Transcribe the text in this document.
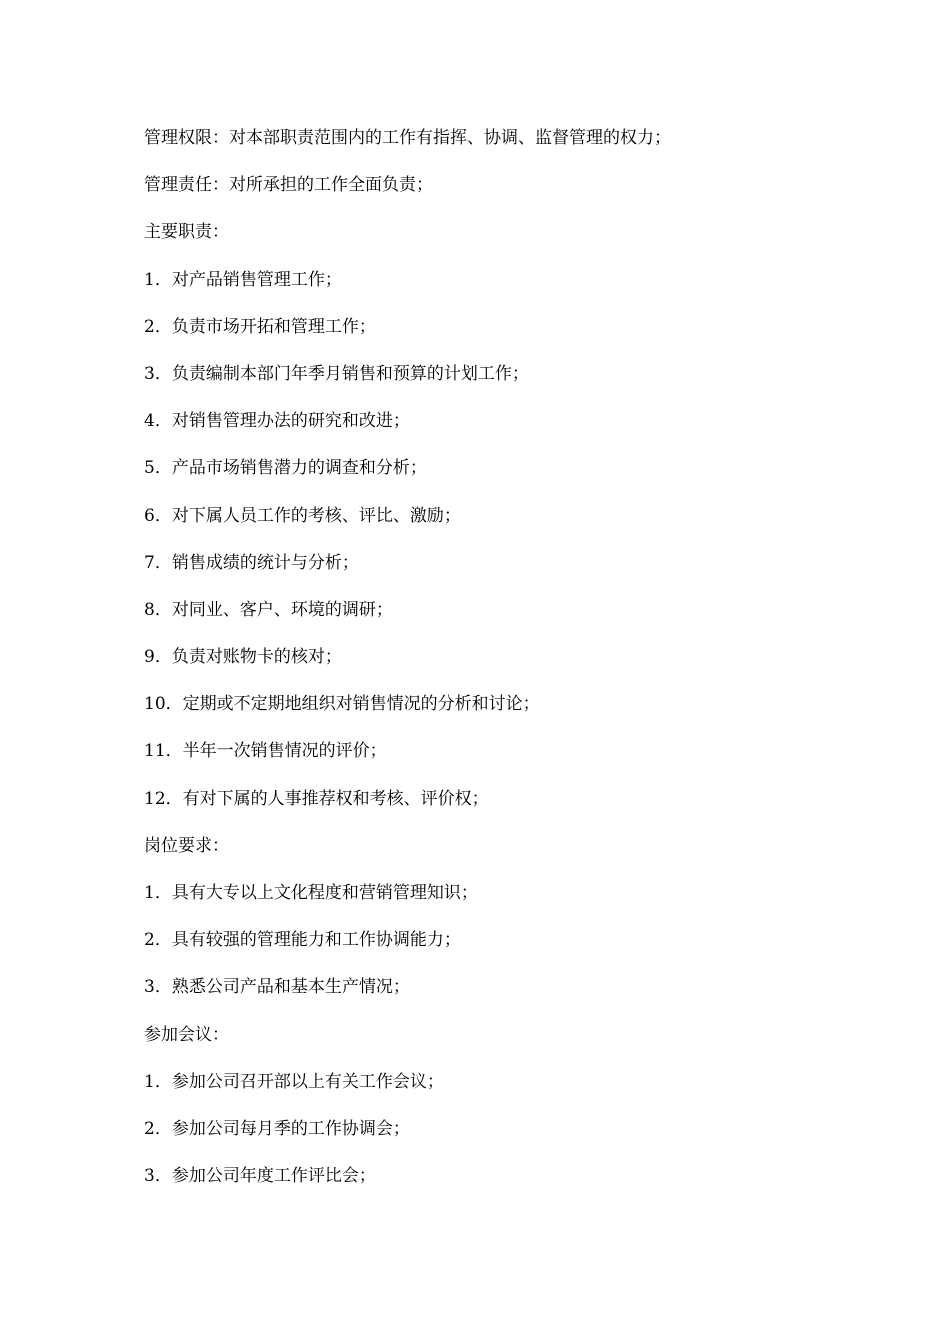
管理权限：对本部职责范围内的工作有指挥、协调、监督管理的权力；
管理责任：对所承担的工作全面负责；
主要职责：
1．对产品销售管理工作；
2．负责市场开拓和管理工作；
3．负责编制本部门年季月销售和预算的计划工作；
4．对销售管理办法的研究和改进；
5．产品市场销售潜力的调查和分析；
6．对下属人员工作的考核、评比、激励；
7．销售成绩的统计与分析；
8．对同业、客户、环境的调研；
9．负责对账物卡的核对；
10．定期或不定期地组织对销售情况的分析和讨论；
11．半年一次销售情况的评价；
12．有对下属的人事推荐权和考核、评价权；
岗位要求：
1．具有大专以上文化程度和营销管理知识；
2．具有较强的管理能力和工作协调能力；
3．熟悉公司产品和基本生产情况；
参加会议：
1．参加公司召开部以上有关工作会议；
2．参加公司每月季的工作协调会；
3．参加公司年度工作评比会；
